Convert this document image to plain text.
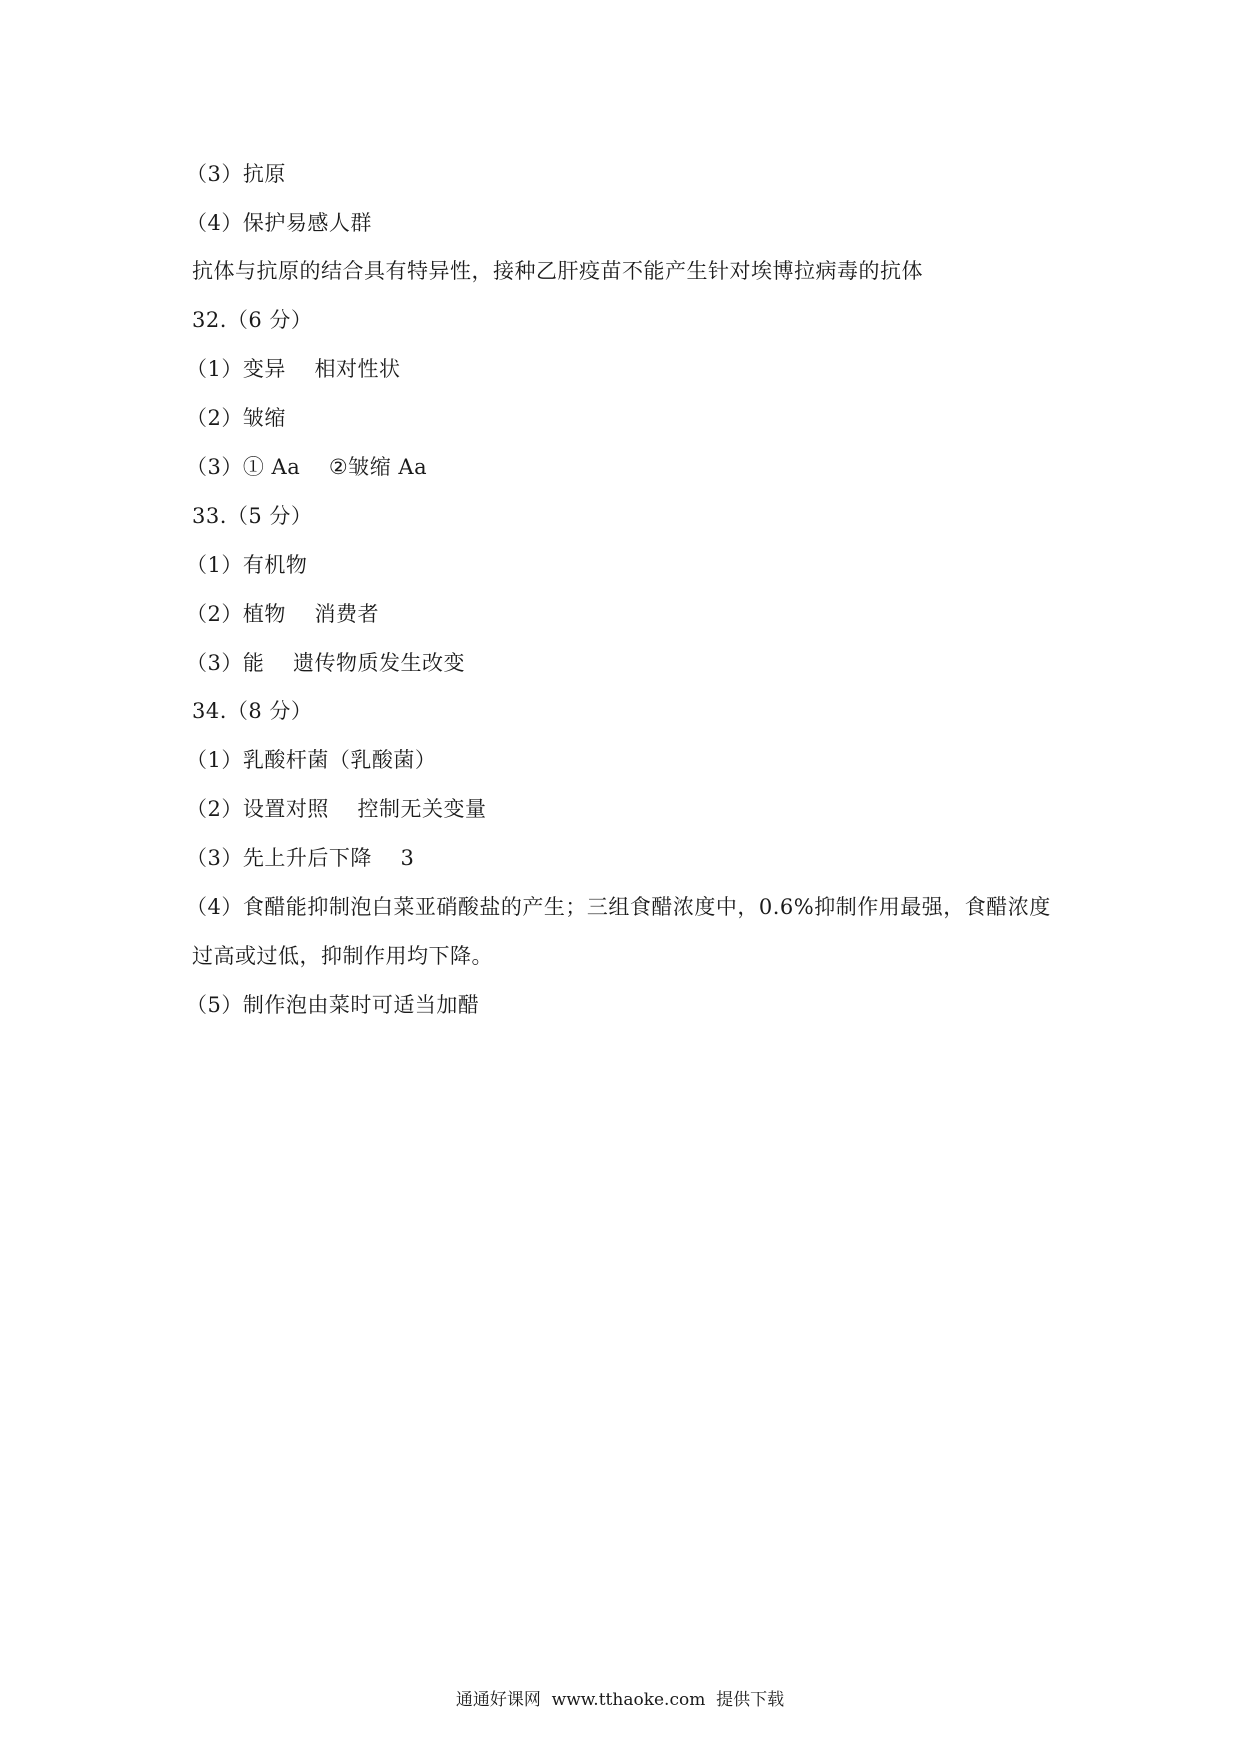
（3）抗原
（4）保护易感人群
抗体与抗原的结合具有特异性，接种乙肝疫苗不能产生针对埃博拉病毒的抗体
32.（6 分）
（1）变异    相对性状
（2）皱缩
（3）① Aa    ②皱缩 Aa
33.（5 分）
（1）有机物
（2）植物    消费者
（3）能    遗传物质发生改变
34.（8 分）
（1）乳酸杆菌（乳酸菌）
（2）设置对照    控制无关变量
（3）先上升后下降    3
（4）食醋能抑制泡白菜亚硝酸盐的产生；三组食醋浓度中，0.6%抑制作用最强，食醋浓度
过高或过低，抑制作用均下降。
（5）制作泡由菜时可适当加醋
通通好课网  www.tthaoke.com  提供下载
